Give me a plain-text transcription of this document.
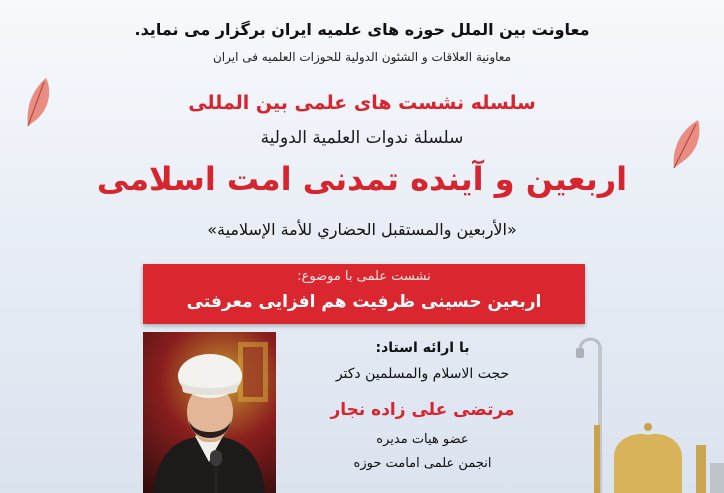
معاونت بین الملل حوزه های علمیه ایران برگزار می نماید.
معاونية العلاقات و الشئون الدولية للحوزات العلميه فی ایران
سلسله نشست های علمی بین المللی
سلسلة ندوات العلمية الدولية
اربعین و آینده تمدنی امت اسلامی
«الأربعين والمستقبل الحضاري للأمة الإسلامية»
نشست علمی با موضوع:
اربعین حسینی ظرفیت هم افزایی معرفتی
با ارائه استاد:
حجت الاسلام والمسلمین دکتر
مرتضی علی زاده نجار
عضو هیات مدیره
انجمن علمی امامت حوزه
